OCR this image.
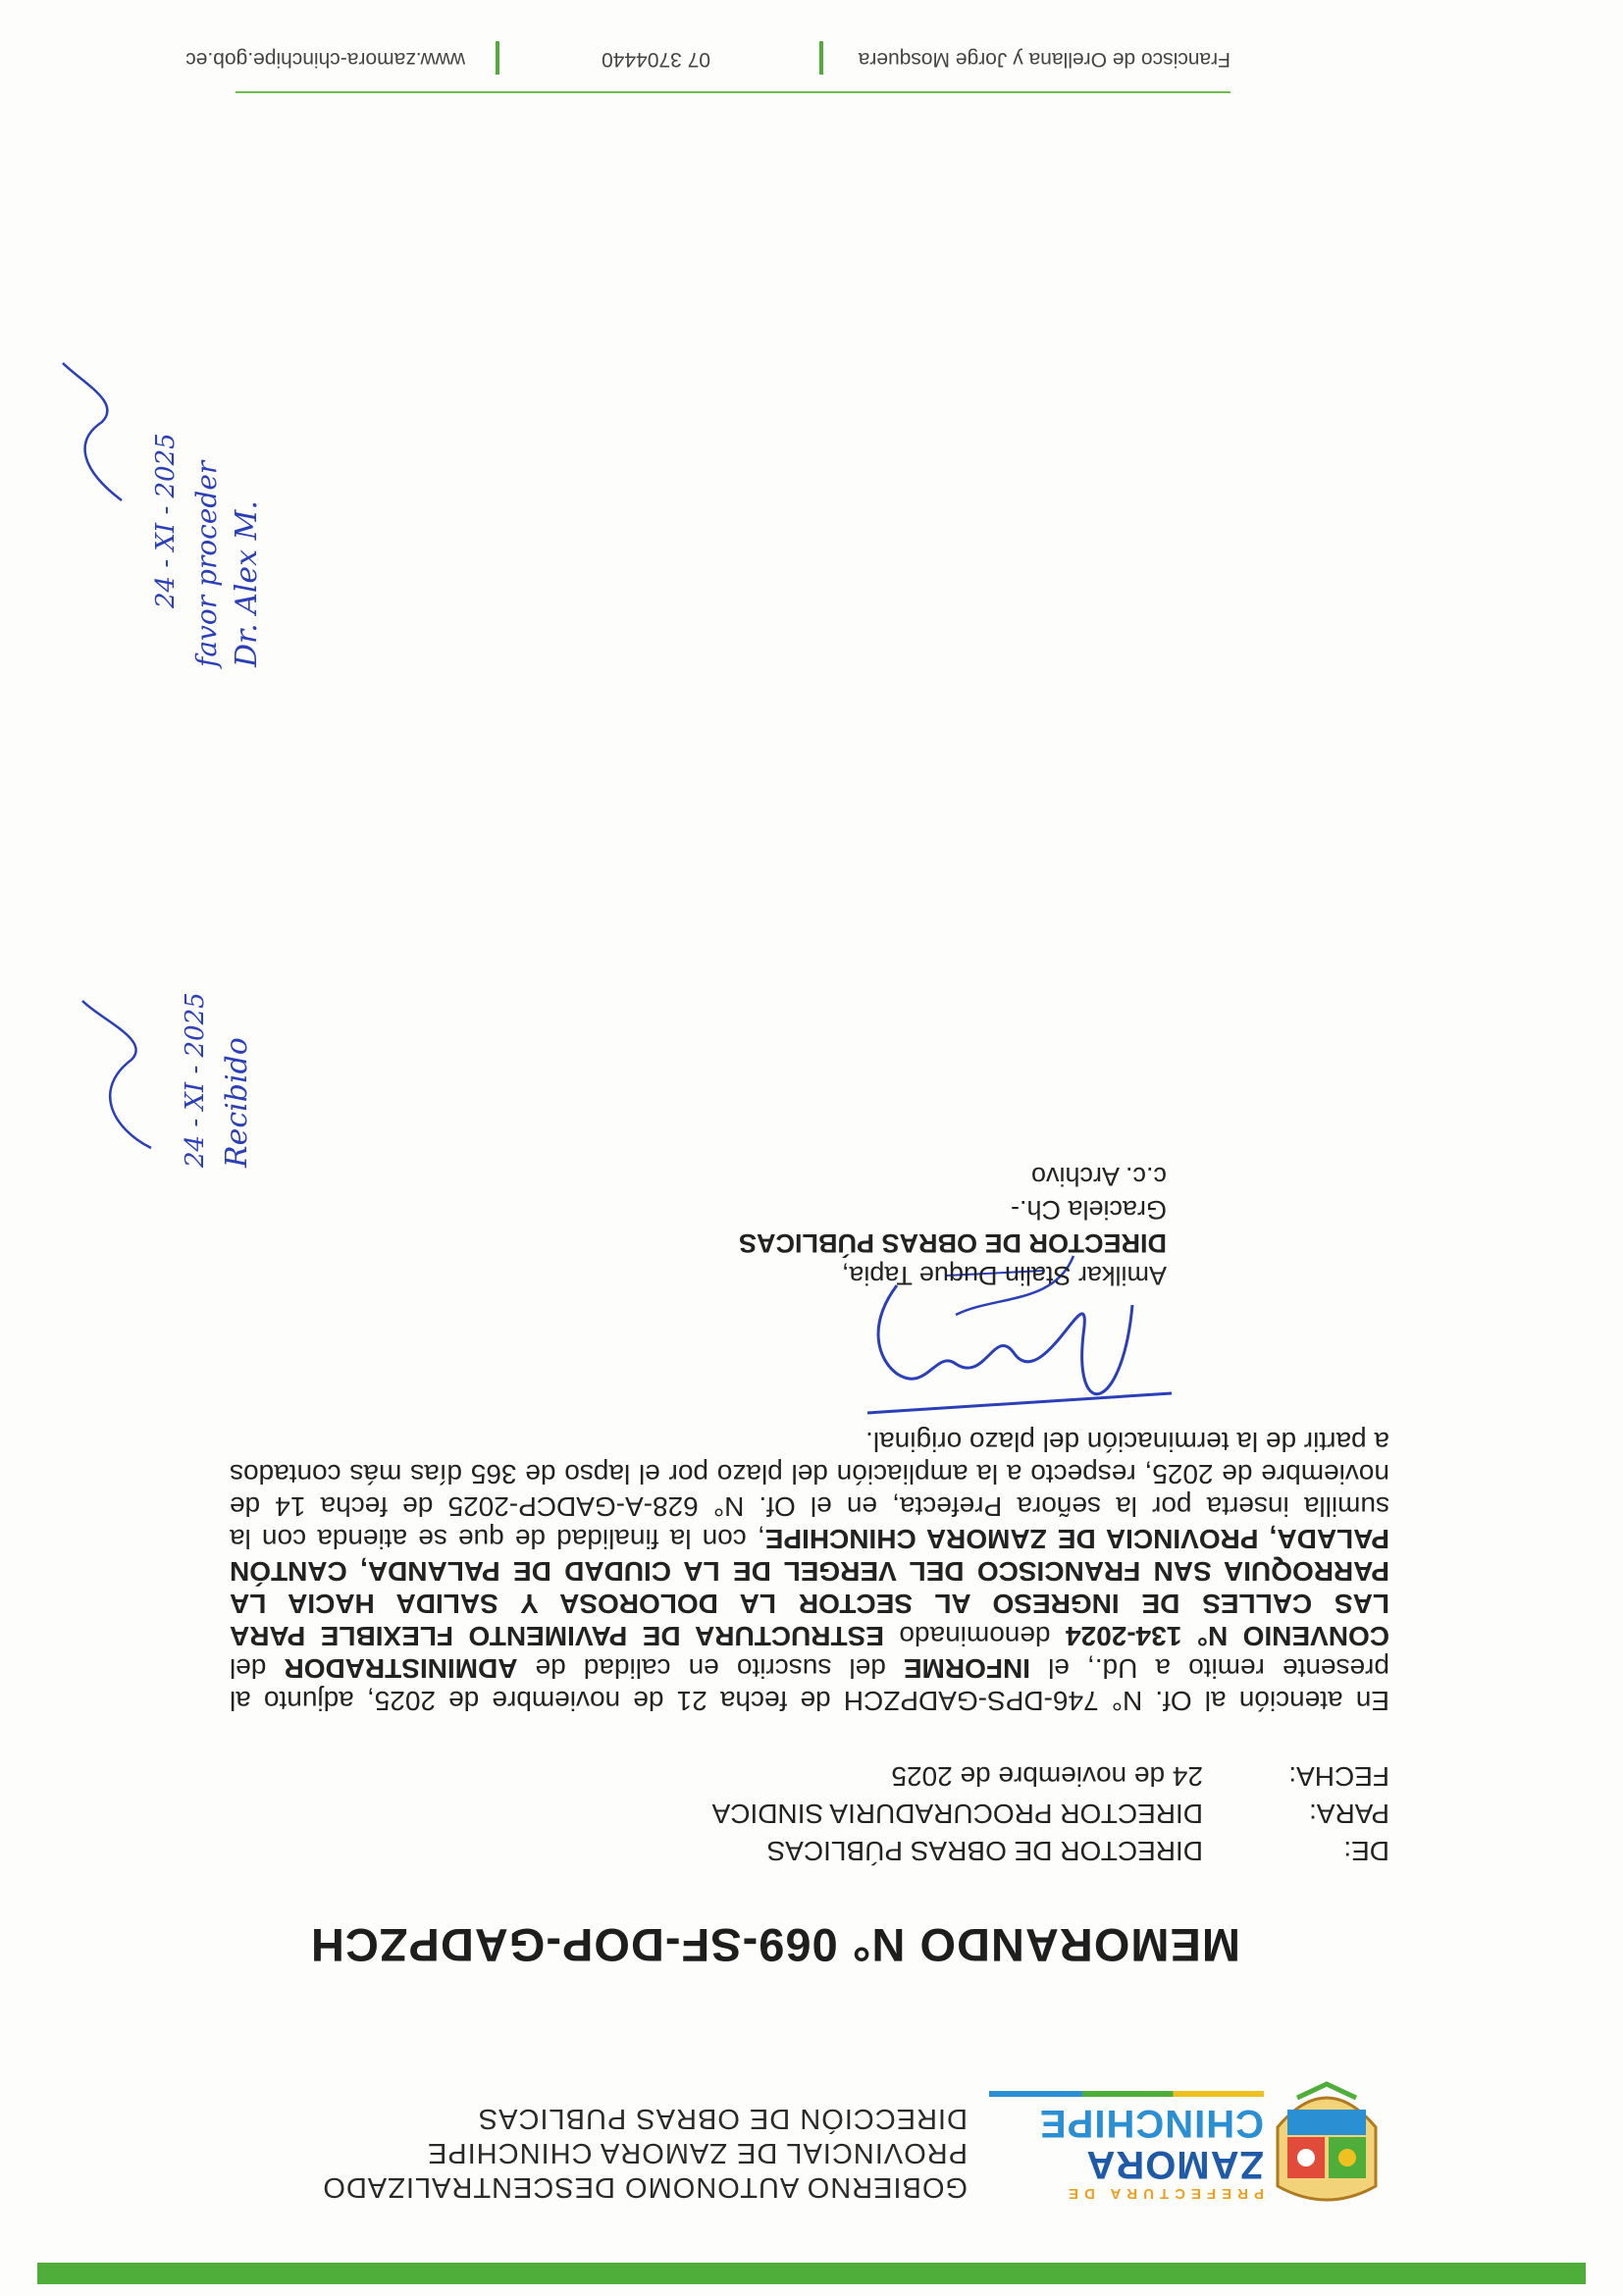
PREFECTURA DE
ZAMORA
CHINCHIPE
GOBIERNO AUTONOMO DESCENTRALIZADO
PROVINCIAL DE ZAMORA CHINCHIPE
DIRECCIÓN DE OBRAS PUBLICAS
MEMORANDO N° 069-SF-DOP-GADPZCH
DE:
DIRECTOR DE OBRAS PÚBLICAS
PARA:
DIRECTOR PROCURADURIA SINDICA
FECHA:
24 de noviembre de 2025
En atención al Of. N° 746-DPS-GADPZCH de fecha 21 de noviembre de 2025, adjunto al presente remito a Ud., el INFORME del suscrito en calidad de ADMINISTRADOR del CONVENIO N° 134-2024 denominado ESTRUCTURA DE PAVIMENTO FLEXIBLE PARA LAS CALLES DE INGRESO AL SECTOR LA DOLOROSA Y SALIDA HACIA LA PARROQUIA SAN FRANCISCO DEL VERGEL DE LA CIUDAD DE PALANDA, CANTÓN PALADA, PROVINCIA DE ZAMORA CHINCHIPE, con la finalidad de que se atienda con la sumilla inserta por la señora Prefecta, en el Of. N° 628-A-GADCP-2025 de fecha 14 de noviembre de 2025, respecto a la ampliación del plazo por el lapso de 365 días más contados a partir de la terminación del plazo original.
Amilkar Stalin Duque Tapia,
DIRECTOR DE OBRAS PÚBLICAS
Graciela Ch.-
c.c. Archivo
Recibido
24 - XI - 2025
Dr. Alex M.
favor proceder
24 - XI - 2025
Francisco de Orellana y Jorge Mosquera
07 3704440
www.zamora-chinchipe.gob.ec
